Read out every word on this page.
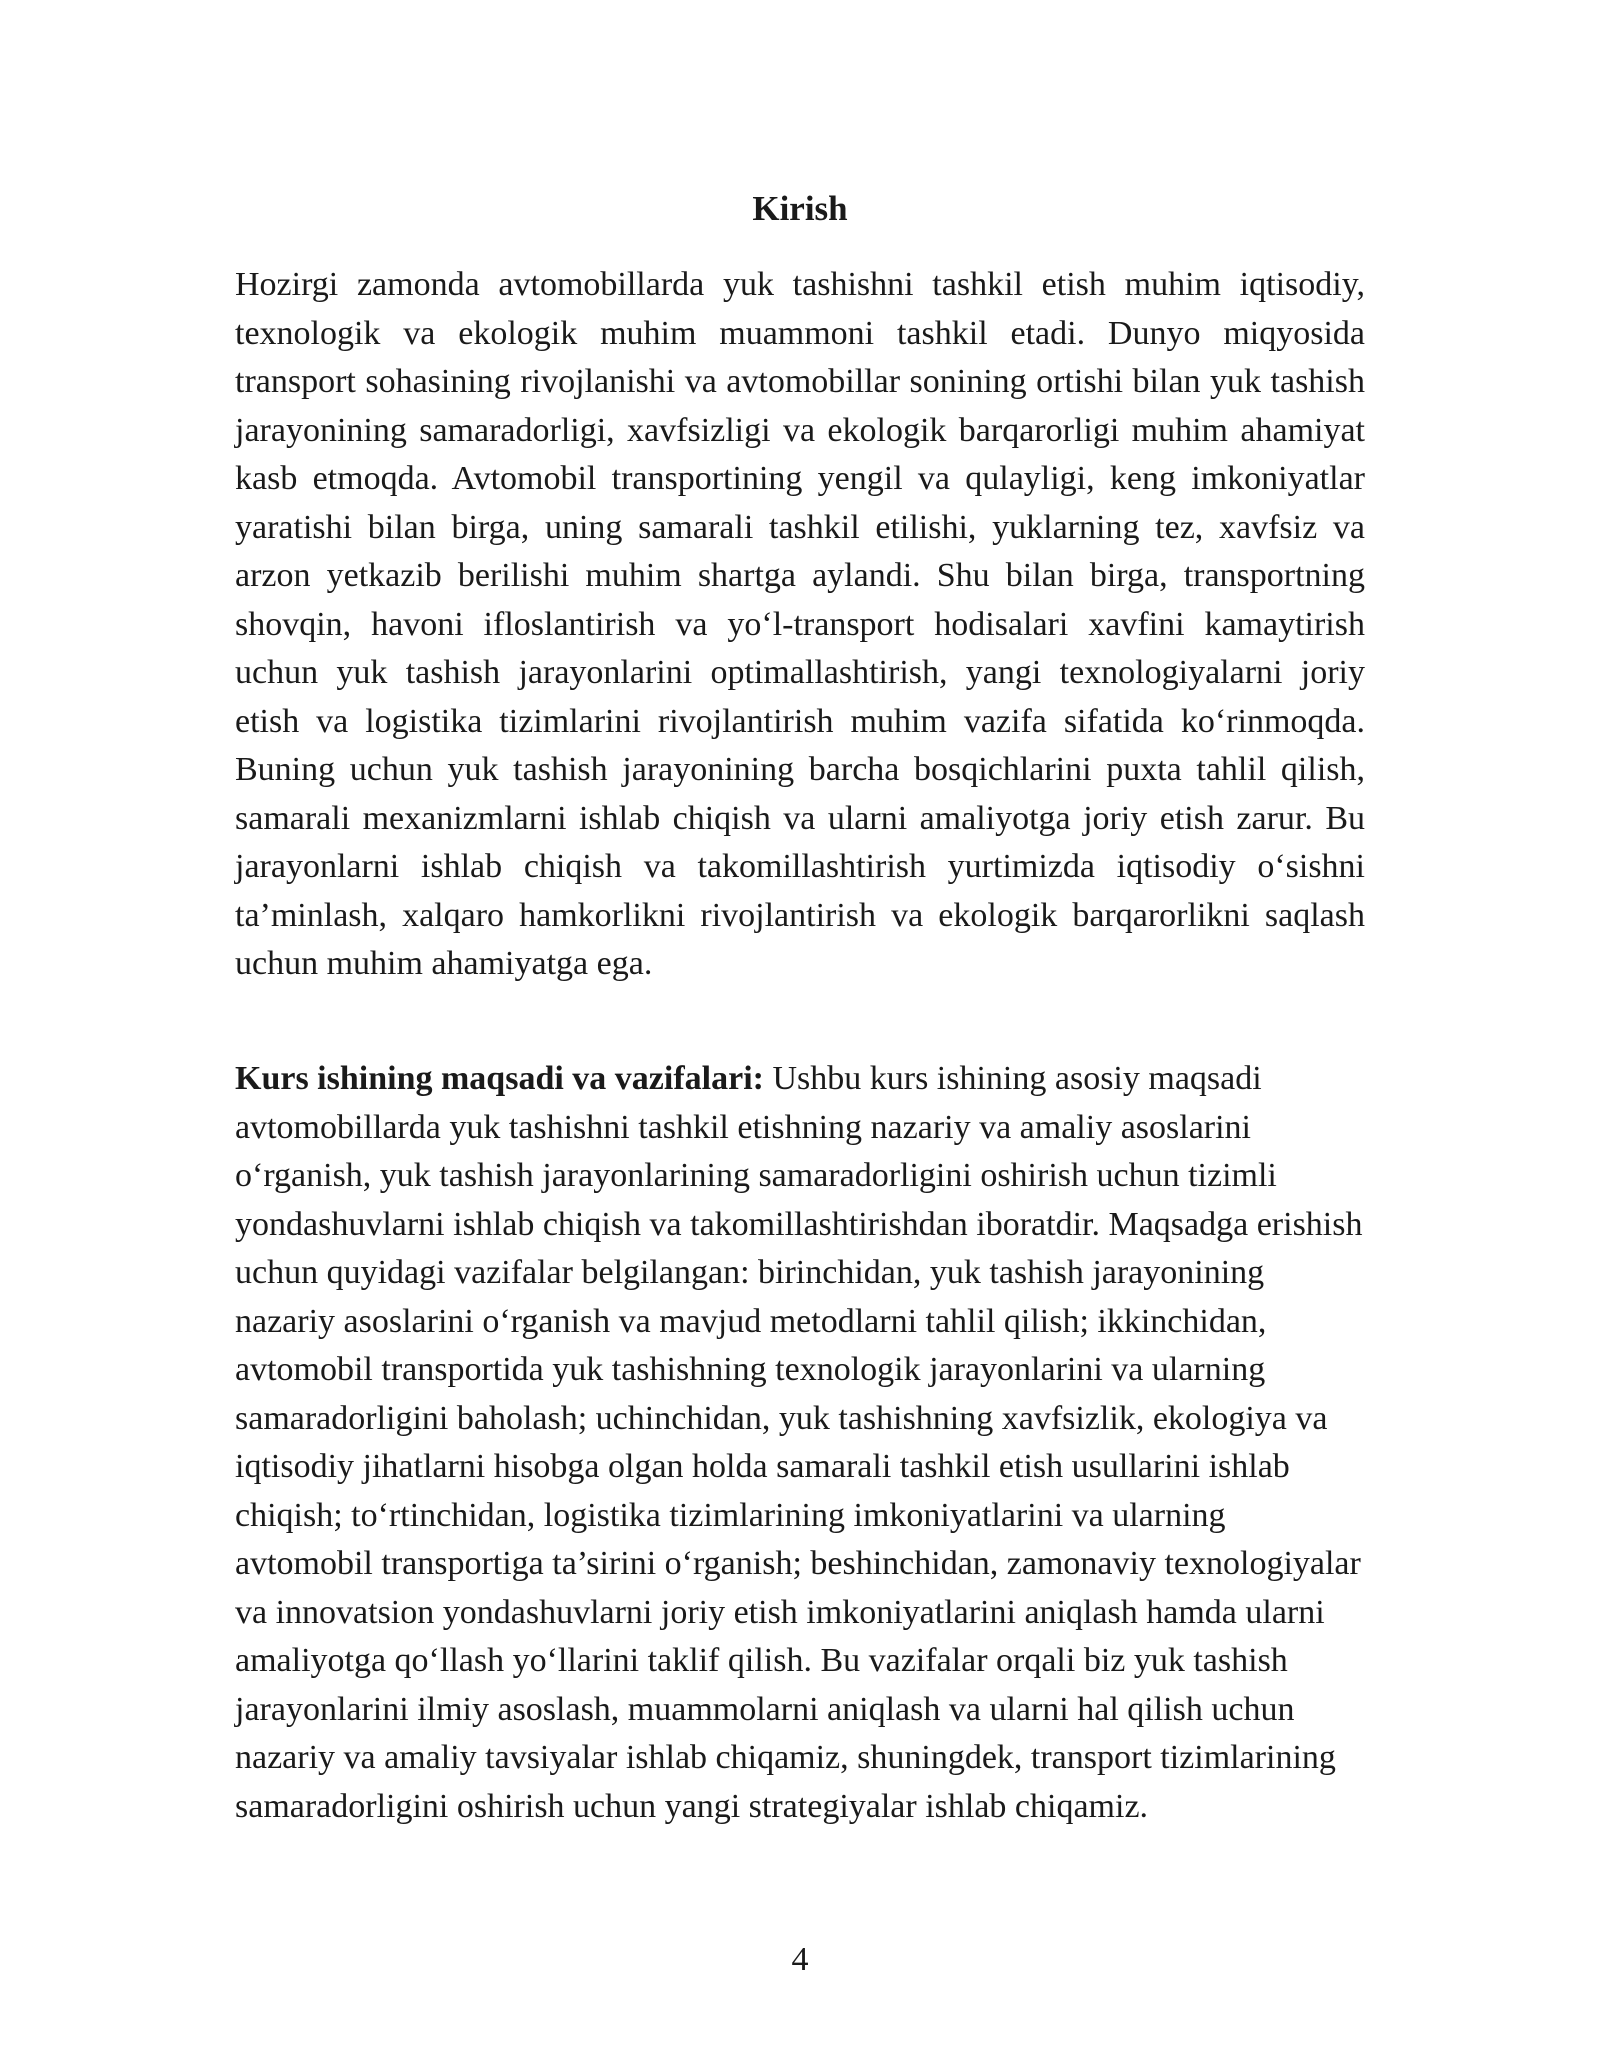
Kirish

Hozirgi zamonda avtomobillarda yuk tashishni tashkil etish muhim iqtisodiy, texnologik va ekologik muhim muammoni tashkil etadi. Dunyo miqyosida transport sohasining rivojlanishi va avtomobillar sonining ortishi bilan yuk tashish jarayonining samaradorligi, xavfsizligi va ekologik barqarorligi muhim ahamiyat kasb etmoqda. Avtomobil transportining yengil va qulayligi, keng imkoniyatlar yaratishi bilan birga, uning samarali tashkil etilishi, yuklarning tez, xavfsiz va arzon yetkazib berilishi muhim shartga aylandi. Shu bilan birga, transportning shovqin, havoni ifloslantirish va yo‘l-transport hodisalari xavfini kamaytirish uchun yuk tashish jarayonlarini optimallashtirish, yangi texnologiyalarni joriy etish va logistika tizimlarini rivojlantirish muhim vazifa sifatida ko‘rinmoqda. Buning uchun yuk tashish jarayonining barcha bosqichlarini puxta tahlil qilish, samarali mexanizmlarni ishlab chiqish va ularni amaliyotga joriy etish zarur. Bu jarayonlarni ishlab chiqish va takomillashtirish yurtimizda iqtisodiy o‘sishni ta’minlash, xalqaro hamkorlikni rivojlantirish va ekologik barqarorlikni saqlash uchun muhim ahamiyatga ega.

Kurs ishining maqsadi va vazifalari: Ushbu kurs ishining asosiy maqsadi avtomobillarda yuk tashishni tashkil etishning nazariy va amaliy asoslarini o‘rganish, yuk tashish jarayonlarining samaradorligini oshirish uchun tizimli yondashuvlarni ishlab chiqish va takomillashtirishdan iboratdir. Maqsadga erishish uchun quyidagi vazifalar belgilangan: birinchidan, yuk tashish jarayonining nazariy asoslarini o‘rganish va mavjud metodlarni tahlil qilish; ikkinchidan, avtomobil transportida yuk tashishning texnologik jarayonlarini va ularning samaradorligini baholash; uchinchidan, yuk tashishning xavfsizlik, ekologiya va iqtisodiy jihatlarni hisobga olgan holda samarali tashkil etish usullarini ishlab chiqish; to‘rtinchidan, logistika tizimlarining imkoniyatlarini va ularning avtomobil transportiga ta’sirini o‘rganish; beshinchidan, zamonaviy texnologiyalar va innovatsion yondashuvlarni joriy etish imkoniyatlarini aniqlash hamda ularni amaliyotga qo‘llash yo‘llarini taklif qilish. Bu vazifalar orqali biz yuk tashish jarayonlarini ilmiy asoslash, muammolarni aniqlash va ularni hal qilish uchun nazariy va amaliy tavsiyalar ishlab chiqamiz, shuningdek, transport tizimlarining samaradorligini oshirish uchun yangi strategiyalar ishlab chiqamiz.

4
